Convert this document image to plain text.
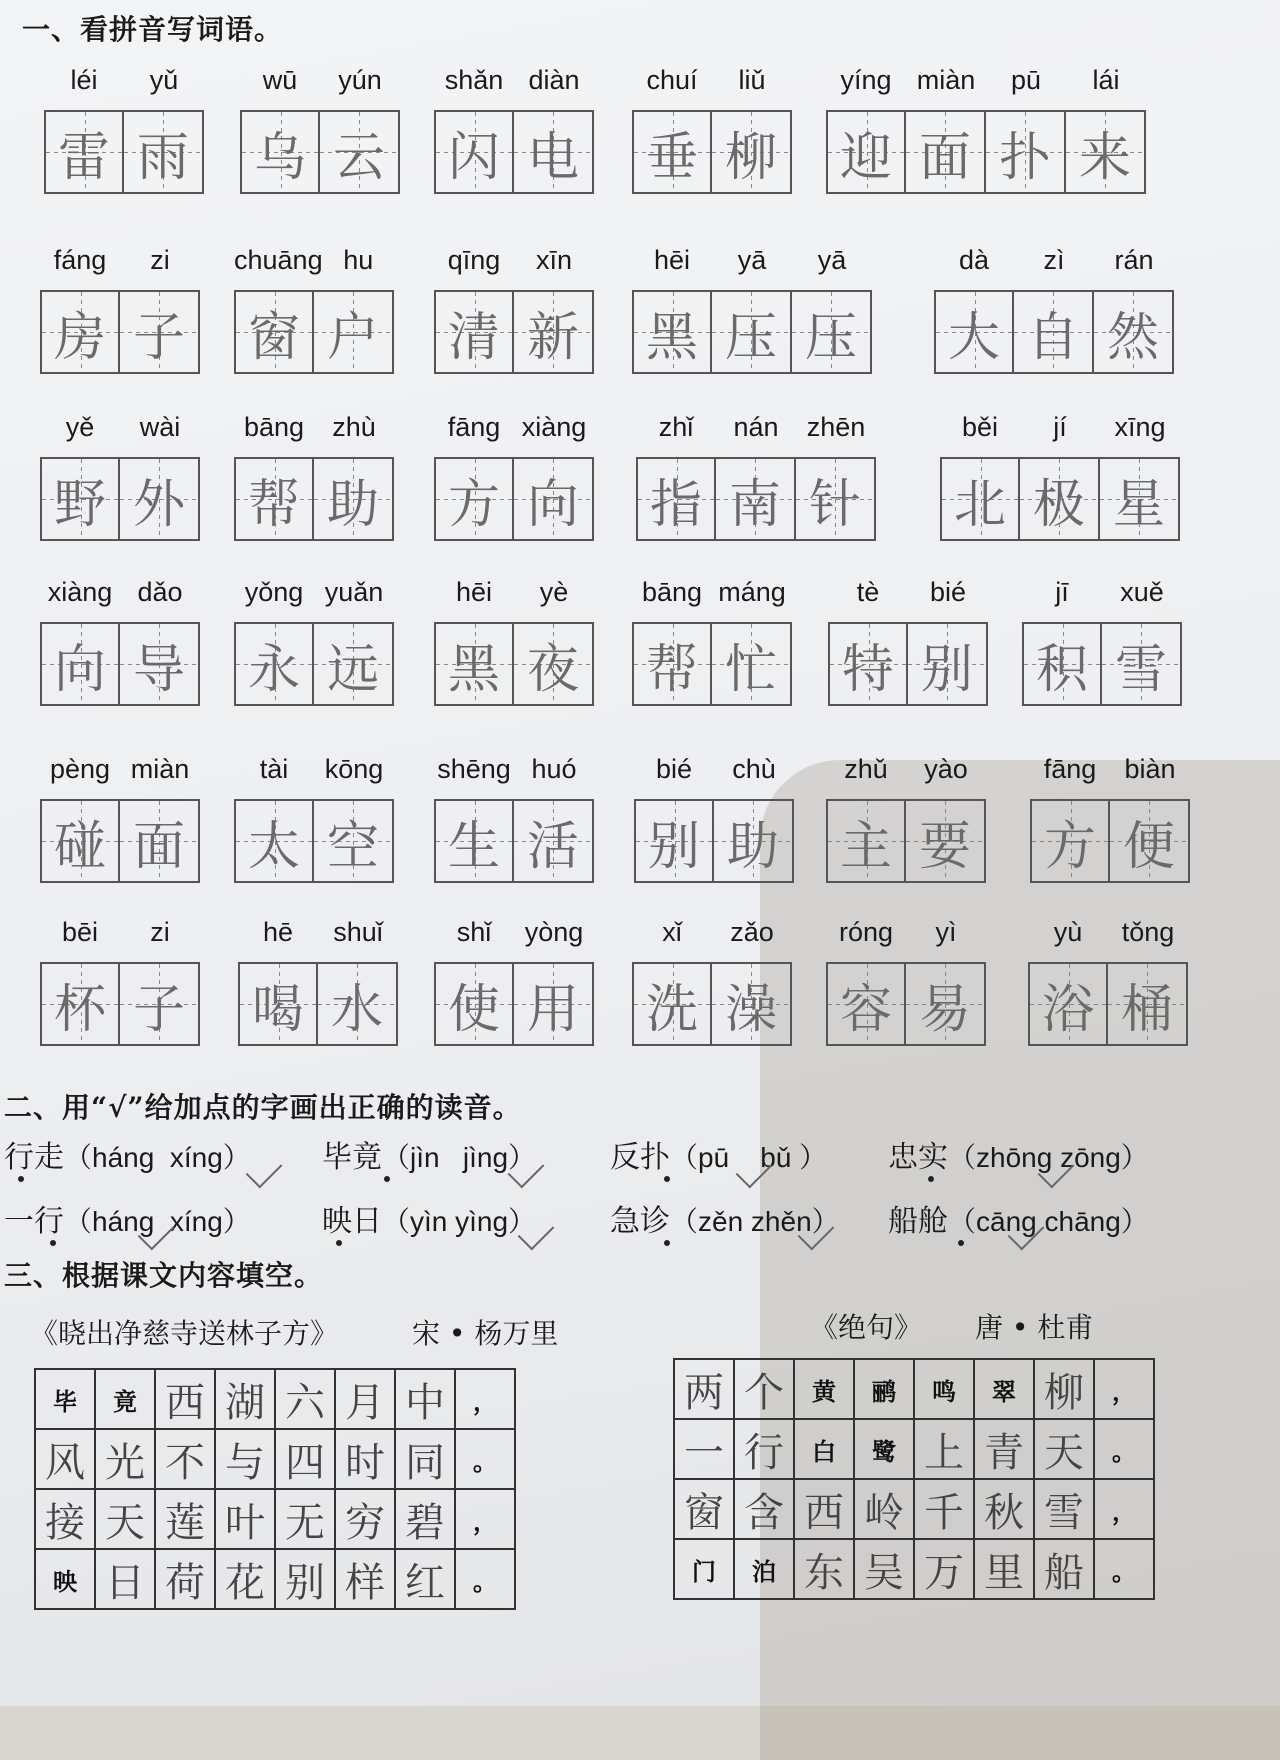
一、看拼音写词语。
léi	yǔ
雷 雨
wū	yún
乌 云
shǎn diàn
闪 电
chuí	liǔ
垂 柳
yíng miàn	pū	lái
迎 面 扑 来
fáng	zi
房 子
chuāng hu
窗 户
qīng	xīn
清 新
hēi	yā	yā
黑 压 压
dà	zì	rán
大 自 然
yě	wài
野 外
bāng	zhù
帮 助
fāng xiàng
方 向
zhǐ	nán	zhēn
指 南 针
běi	jí	xīng
北 极 星
xiàng dǎo
向 导
yǒng yuǎn
永 远
hēi	yè
黑 夜
bāng máng
帮 忙
tè	bié
特 别
jī	xuě
积 雪
pèng miàn
碰 面
tài	kōng
太 空
shēng huó
生 活
bié	chù
别 助
zhǔ	yào
主 要
fāng	biàn
方 便
bēi	zi
杯 子
hē	shuǐ
喝 水
shǐ	yòng
使 用
xǐ	zǎo
洗 澡
róng	yì
容 易
yù	tǒng
浴 桶
二、用“√”给加点的字画出正确的读音。
行走（háng  xíng） 毕竟（jìn   jìng） 反扑（pū    bǔ ） 忠实（zhōng zōng）
一行（háng  xíng） 映日（yìn yìng） 急诊（zěn zhěn） 船舱（cāng chāng）
三、根据课文内容填空。
《晓出净慈寺送林子方》	宋 • 杨万里	《绝句》 唐 • 杜甫
毕	竟	西	湖	六	月	中	，
风	光	不	与	四	时	同	。
接	天	莲	叶	无	穷	碧	，
映	日	荷	花	别	样	红	。
两	个	黄	鹂	鸣	翠	柳	，
一	行	白	鹭	上	青	天	。
窗	含	西	岭	千	秋	雪	，
门	泊	东	吴	万	里	船	。
